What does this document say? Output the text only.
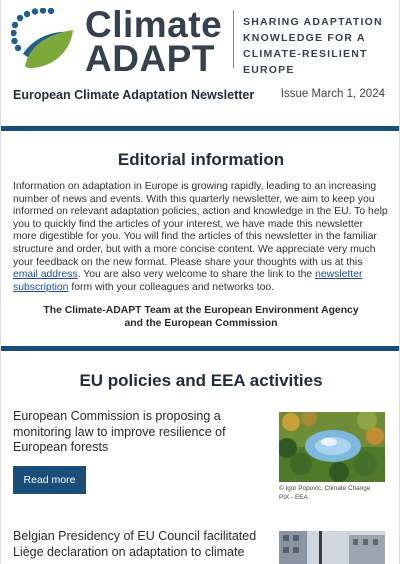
Climate
ADAPT
SHARING ADAPTATION
KNOWLEDGE FOR A
CLIMATE-RESILIENT EUROPE
European Climate Adaptation Newsletter Issue March 1, 2024
Editorial information
Information on adaptation in Europe is growing rapidly, leading to an increasing number of news and events. With this quarterly newsletter, we aim to keep you informed on relevant adaptation policies, action and knowledge in the EU. To help you to quickly find the articles of your interest, we have made this newsletter more digestible for you. You will find the articles of this newsletter in the familiar structure and order, but with a more concise content. We appreciate very much your feedback on the new format. Please share your thoughts with us at this email address. You are also very welcome to share the link to the newsletter subscription form with your colleagues and networks too.
The Climate-ADAPT Team at the European Environment Agency
and the European Commission
EU policies and EEA activities
European Commission is proposing a monitoring law to improve resilience of European forests
Read more
© Igor Popovic, Climate Change
PIX - EEA
Belgian Presidency of EU Council facilitated Liège declaration on adaptation to climate
